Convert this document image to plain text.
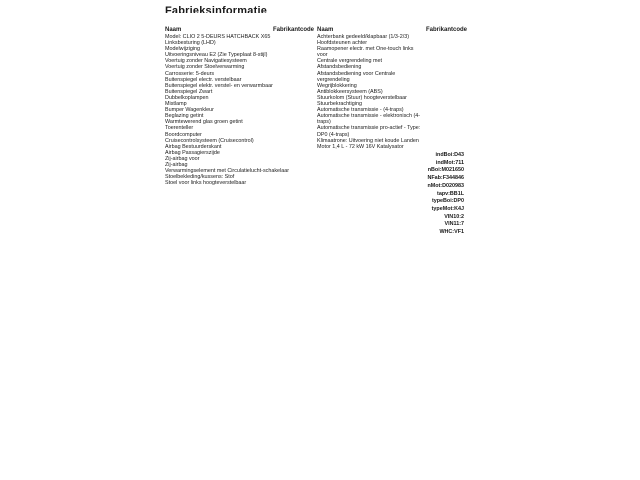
Fabrieksinformatie
Naam	Fabrikantcode Naam	Fabrikantcode
Model: CLIO 2 5-DEURS HATCHBACK X65
Linksbesturing (LHD)
Modelwijziging
Uitvoeringsniveau E2 (Zie Typeplaat 8-stijl)
Voertuig zonder Navigatiesysteem
Voertuig zonder Stoelverwarming
Carrosserie: 5-deurs
Buitenspiegel electr. verstelbaar
Buitenspiegel elektr. verstel- en verwarmbaar
Buitenspiegel Zwart
Dubbelkoplampen
Mistlamp
Bumper Wagenkleur
Beglazing getint
Warmtewerend glas groen getint
Toerenteller
Boordcomputer
Cruisecontrolsysteem (Cruisecontrol)
Airbag Bestuurderskant
Airbag Passagierszijde
Zij-airbag voor
Zij-airbag
Verwarmingselement met Circulatielucht-schakelaar
Stoelbekleding/kussens: Stof
Stoel voor links hoogteverstelbaar
Achterbank gedeeld/klapbaar (1/3-2/3)
Hoofdsteunen achter
Raamopener electr. met One-touch links voor
Centrale vergrendeling met Afstandsbediening
Afstandsbediening voor Centrale vergrendeling
Wegrijblokkering
Antiblokkeersysteem (ABS)
Stuurkolom (Stuur) hoogteverstelbaar
Stuurbekrachtiging
Automatische transmissie - (4-traps)
Automatische transmissie - elektronisch (4-traps)
Automatische transmissie pro-actief - Type: DP0 (4-traps)
Klimaatrone: Uitvoering niet koude Landen
Motor 1,4 L - 72 kW 16V Katalysator
indBoi:D43
indMot:711
nBoi:M021650
NFab:F344846
nMot:D020983
tapv:BB1L
typeBoi:DP0
typeMot:K4J
VIN10:2
VIN11:7
WHC:VF1
